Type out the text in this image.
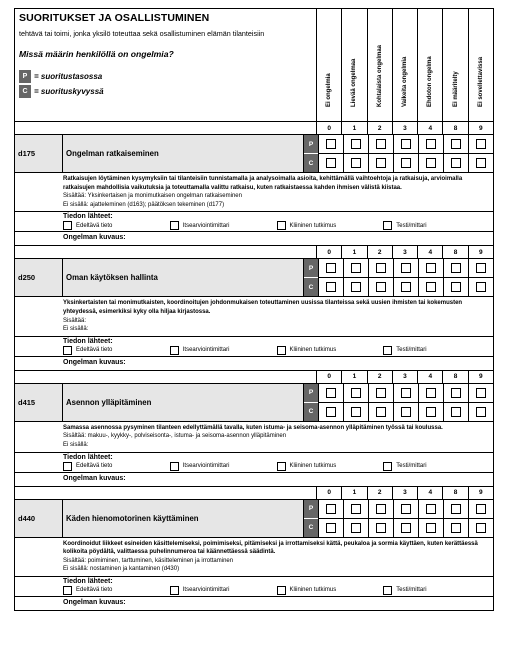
SUORITUKSET JA OSALLISTUMINEN
tehtävä tai toimi, jonka yksilö toteuttaa sekä osallistuminen elämän tilanteisiin
Missä määrin henkilöllä on ongelmia?
P = suoritustasossa
C = suorituskyvyssä	Ei ongelmia	Lievää ongelmaa	Kohtalaista ongelmaa	Vaikeita ongelmia	Ehdoton ongelma	Ei määritelty	Ei sovellettavissa
0	1	2	3	4	8	9
d175	Ongelman ratkaiseminen
P
C
Ratkaisujen löytäminen kysymyksiin tai tilanteisiin tunnistamalla ja analysoimalla asioita, kehittämällä vaihtoehtoja ja ratkaisuja, arvioimalla ratkaisujen mahdollisia vaikutuksia ja toteuttamalla valittu ratkaisu, kuten ratkaistaessa kahden ihmisen välistä kiistaa.
Sisältää: Yksinkertaisen ja monimutkaisen ongelman ratkaiseminen
Ei sisällä: ajatteleminen (d163); päätöksen tekeminen (d177)
Tiedon lähteet:
Edeltävä tieto	Itsearviointimittari	Kliininen tutkimus	Testi/mittari
Ongelman kuvaus:
0	1	2	3	4	8	9
d250	Oman käytöksen hallinta
P
C
Yksinkertaisten tai monimutkaisten, koordinoitujen johdonmukaisen toteuttaminen uusissa tilanteissa sekä uusien ihmisten tai kokemusten yhteydessä, esimerkiksi kyky olla hiljaa kirjastossa.
Sisältää:
Ei sisällä:
Tiedon lähteet:
Edeltävä tieto	Itsearviointimittari	Kliininen tutkimus	Testi/mittari
Ongelman kuvaus:
0	1	2	3	4	8	9
d415	Asennon ylläpitäminen
P
C
Samassa asennossa pysyminen tilanteen edellyttämällä tavalla, kuten istuma- ja seisoma-asennon ylläpitäminen työssä tai koulussa.
Sisältää: makuu-, kyykky-, polviseisonta-, istuma- ja seisoma-asennon ylläpitäminen
Ei sisällä:
Tiedon lähteet:
Edeltävä tieto	Itsearviointimittari	Kliininen tutkimus	Testi/mittari
Ongelman kuvaus:
0	1	2	3	4	8	9
d440	Käden hienomotorinen käyttäminen
P
C
Koordinoidut liikkeet esineiden käsittelemiseksi, poimimiseksi, pitämiseksi ja irrottamiseksi kättä, peukaloa ja sormia käyttäen, kuten kerättäessä kolikoita pöydältä, valittaessa puhelinnumeroa tai käännettäessä säädintä.
Sisältää: poimiminen, tarttuminen, käsitteleminen ja irrottaminen
Ei sisällä: nostaminen ja kantaminen (d430)
Tiedon lähteet:
Edeltävä tieto	Itsearviointimittari	Kliininen tutkimus	Testi/mittari
Ongelman kuvaus:
